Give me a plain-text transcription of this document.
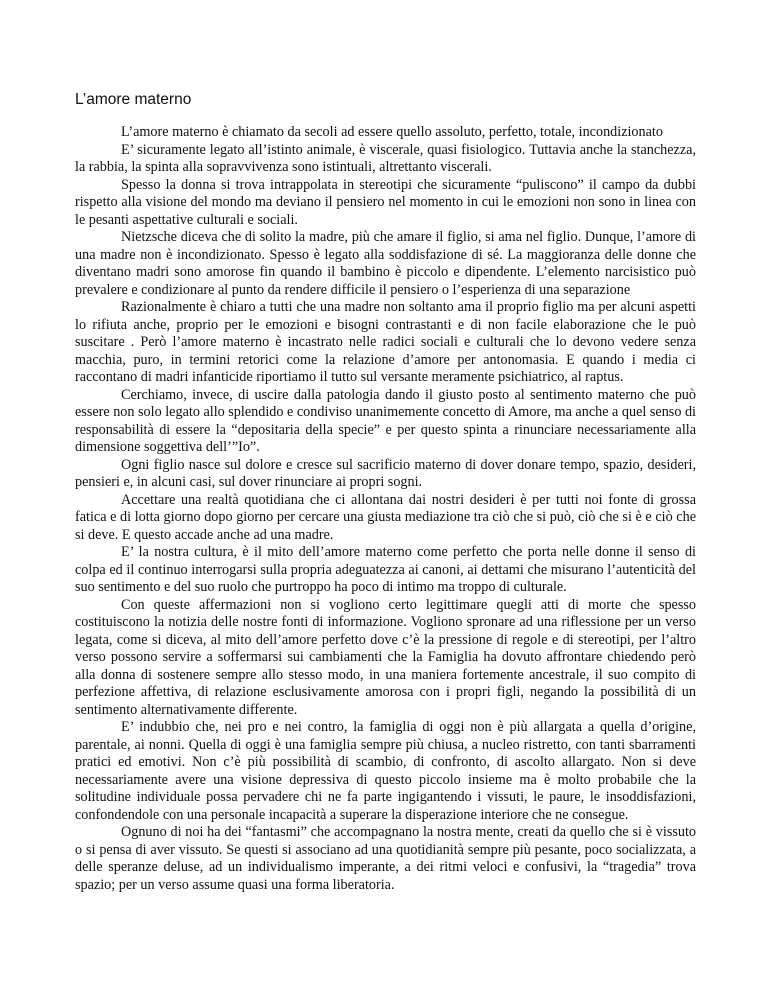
L’amore materno

L’amore materno è chiamato da secoli ad essere quello assoluto, perfetto, totale, incondizionato

E’ sicuramente legato all’istinto animale, è viscerale, quasi fisiologico. Tuttavia anche la stanchezza, la rabbia, la spinta alla sopravvivenza sono istintuali, altrettanto viscerali.

Spesso la donna si trova intrappolata in stereotipi che sicuramente “puliscono” il campo da dubbi rispetto alla visione del mondo ma deviano il pensiero nel momento in cui le emozioni non sono in linea con le pesanti aspettative culturali e sociali.

Nietzsche diceva che di solito la madre, più che amare il figlio, si ama nel figlio. Dunque, l’amore di una madre non è incondizionato. Spesso è legato alla soddisfazione di sé. La maggioranza delle donne che diventano madri sono amorose fin quando il bambino è piccolo e dipendente. L’elemento narcisistico può prevalere e condizionare al punto da rendere difficile il pensiero o l’esperienza di una separazione

Razionalmente è chiaro a tutti che una madre non soltanto ama il proprio figlio ma per alcuni aspetti lo rifiuta anche, proprio per le emozioni e bisogni contrastanti e di non facile elaborazione che le può suscitare . Però l’amore materno è incastrato nelle radici sociali e culturali che lo devono vedere senza macchia, puro, in termini retorici come la relazione d’amore per antonomasia. E quando i media ci raccontano di madri infanticide riportiamo il tutto sul versante meramente psichiatrico, al raptus.

Cerchiamo, invece, di uscire dalla patologia dando il giusto posto al sentimento materno che può essere non solo legato allo splendido e condiviso unanimemente concetto di Amore, ma anche a quel senso di responsabilità di essere la “depositaria della specie” e per questo spinta a rinunciare necessariamente alla dimensione soggettiva dell’”Io”.

Ogni figlio nasce sul dolore e cresce sul sacrificio materno di dover donare tempo, spazio, desideri, pensieri e, in alcuni casi, sul dover rinunciare ai propri sogni.

Accettare una realtà quotidiana che ci allontana dai nostri desideri è per tutti noi fonte di grossa fatica e di lotta giorno dopo giorno per cercare una giusta mediazione tra ciò che si può, ciò che si è e ciò che si deve. E questo accade anche ad una madre.

E’ la nostra cultura, è il mito dell’amore materno come perfetto che porta nelle donne il senso di colpa ed il continuo interrogarsi sulla propria adeguatezza ai canoni, ai dettami che misurano l’autenticità del suo sentimento e del suo ruolo che purtroppo ha poco di intimo ma troppo di culturale.

Con queste affermazioni non si vogliono certo legittimare quegli atti di morte che spesso costituiscono la notizia delle nostre fonti di informazione. Vogliono spronare ad una riflessione per un verso legata, come si diceva, al mito dell’amore perfetto dove c’è la pressione di regole e di stereotipi, per l’altro verso possono servire a soffermarsi sui cambiamenti che la Famiglia ha dovuto affrontare chiedendo però alla donna di sostenere sempre allo stesso modo, in una maniera fortemente ancestrale, il suo compito di perfezione affettiva, di relazione esclusivamente amorosa con i propri figli, negando la possibilità di un sentimento alternativamente differente.

E’ indubbio che, nei pro e nei contro, la famiglia di oggi non è più allargata a quella d’origine, parentale, ai nonni. Quella di oggi è una famiglia sempre più chiusa, a nucleo ristretto, con tanti sbarramenti pratici ed emotivi. Non c’è più possibilità di scambio, di confronto, di ascolto allargato. Non si deve necessariamente avere una visione depressiva di questo piccolo insieme ma è molto probabile che la solitudine individuale possa pervadere chi ne fa parte ingigantendo i vissuti, le paure, le insoddisfazioni, confondendole con una personale incapacità a superare la disperazione interiore che ne consegue.

Ognuno di noi ha dei “fantasmi” che accompagnano la nostra mente, creati da quello che si è vissuto o si pensa di aver vissuto. Se questi si associano ad una quotidianità sempre più pesante, poco socializzata, a delle speranze deluse, ad un individualismo imperante, a dei ritmi veloci e confusivi, la “tragedia” trova spazio; per un verso assume quasi una forma liberatoria.
